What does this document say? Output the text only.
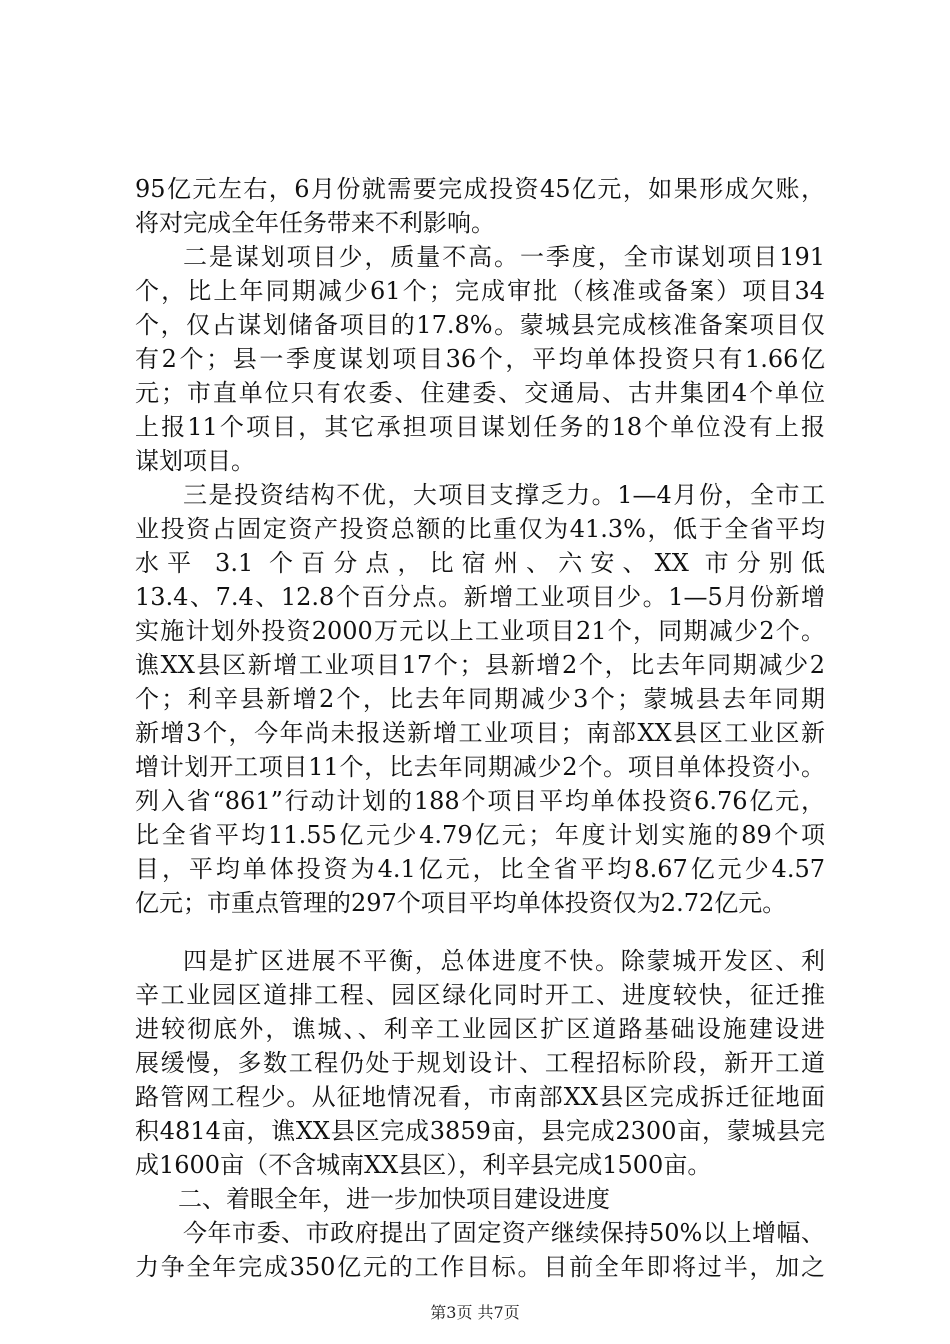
95亿元左右，6月份就需要完成投资45亿元，如果形成欠账，
将对完成全年任务带来不利影响。
二是谋划项目少，质量不高。一季度，全市谋划项目191
个，比上年同期减少61个；完成审批（核准或备案）项目34
个，仅占谋划储备项目的17.8%。蒙城县完成核准备案项目仅
有2个；县一季度谋划项目36个，平均单体投资只有1.66亿
元；市直单位只有农委、住建委、交通局、古井集团4个单位
上报11个项目，其它承担项目谋划任务的18个单位没有上报
谋划项目。
三是投资结构不优，大项目支撑乏力。1—4月份，全市工
业投资占固定资产投资总额的比重仅为41.3%，低于全省平均
水平 3.1 个百分点，比宿州、六安、XX 市分别低
13.4、7.4、12.8个百分点。新增工业项目少。1—5月份新增
实施计划外投资2000万元以上工业项目21个，同期减少2个。
谯XX县区新增工业项目17个；县新增2个，比去年同期减少2
个；利辛县新增2个，比去年同期减少3个；蒙城县去年同期
新增3个，今年尚未报送新增工业项目；南部XX县区工业区新
增计划开工项目11个，比去年同期减少2个。项目单体投资小。
列入省“861”行动计划的188个项目平均单体投资6.76亿元，
比全省平均11.55亿元少4.79亿元；年度计划实施的89个项
目，平均单体投资为4.1亿元，比全省平均8.67亿元少4.57
亿元；市重点管理的297个项目平均单体投资仅为2.72亿元。
四是扩区进展不平衡，总体进度不快。除蒙城开发区、利
辛工业园区道排工程、园区绿化同时开工、进度较快，征迁推
进较彻底外，谯城、、利辛工业园区扩区道路基础设施建设进
展缓慢，多数工程仍处于规划设计、工程招标阶段，新开工道
路管网工程少。从征地情况看，市南部XX县区完成拆迁征地面
积4814亩，谯XX县区完成3859亩，县完成2300亩，蒙城县完
成1600亩（不含城南XX县区），利辛县完成1500亩。
二、着眼全年，进一步加快项目建设进度
今年市委、市政府提出了固定资产继续保持50%以上增幅、
力争全年完成350亿元的工作目标。目前全年即将过半，加之
第3页 共7页
